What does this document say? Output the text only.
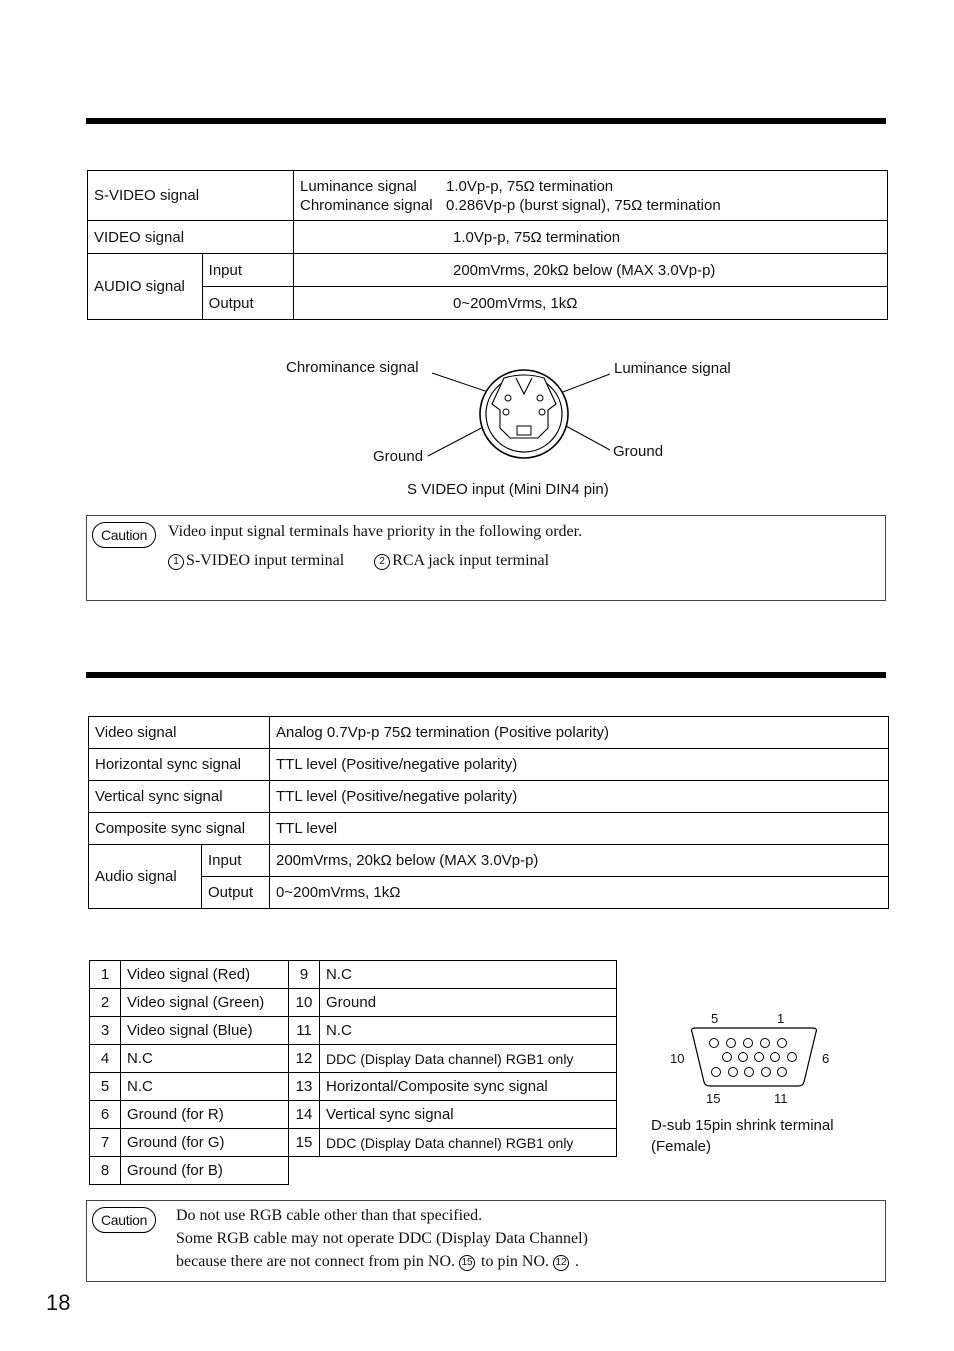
S-VIDEO signal		Luminance signal 1.0Vp-p, 75Ω termination
Chrominance signal 0.286Vp-p (burst signal), 75Ω termination
VIDEO signal		1.0Vp-p, 75Ω termination
AUDIO signal	Input	200mVrms, 20kΩ below (MAX 3.0Vp-p)
	Output	0~200mVrms, 1kΩ
Chrominance signal	Luminance signal
Ground	Ground
S VIDEO input (Mini DIN4 pin)
Caution	Video input signal terminals have priority in the following order.
1 S-VIDEO input terminal	2 RCA jack input terminal
Video signal		Analog 0.7Vp-p 75Ω termination (Positive polarity)
Horizontal sync signal		TTL level (Positive/negative polarity)
Vertical sync signal		TTL level (Positive/negative polarity)
Composite sync signal		TTL level
Audio signal	Input	200mVrms, 20kΩ below (MAX 3.0Vp-p)
	Output	0~200mVrms, 1kΩ
1	Video signal (Red)
2	Video signal (Green)
3	Video signal (Blue)
4	N.C
5	N.C
6	Ground (for R)
7	Ground (for G)
8	Ground (for B)
9	N.C
10	Ground
11	N.C
12	DDC (Display Data channel) RGB1 only
13	Horizontal/Composite sync signal
14	Vertical sync signal
15	DDC (Display Data channel) RGB1 only
5	1
10	6
15	11
D-sub 15pin shrink terminal
(Female)
Caution	Do not use RGB cable other than that specified.
Some RGB cable may not operate DDC (Display Data Channel)
because there are not connect from pin NO. 15 to pin NO. 12 .
18
